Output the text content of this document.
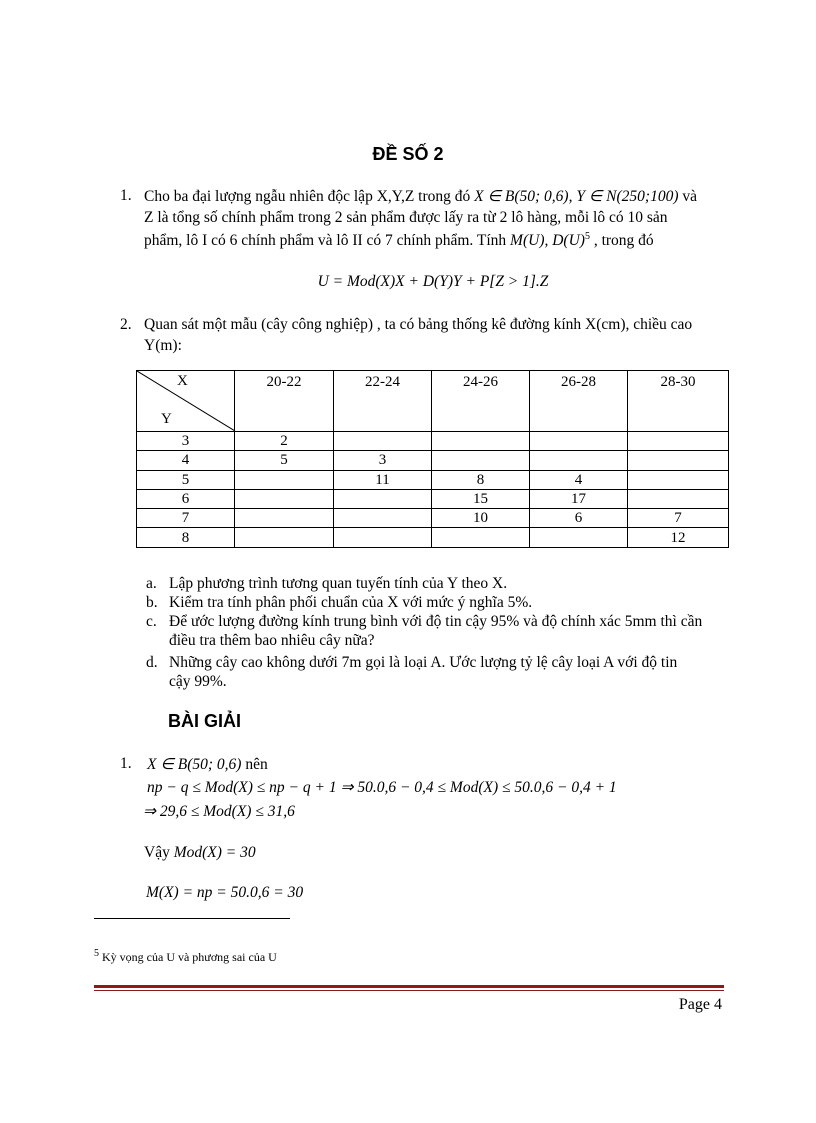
ĐỀ SỐ 2
1. Cho ba đại lượng ngẫu nhiên độc lập X,Y,Z trong đó X ∈ B(50; 0,6), Y ∈ N(250;100) và
Z là tổng số chính phẩm trong 2 sản phẩm được lấy ra từ 2 lô hàng, mỗi lô có 10 sản
phẩm, lô I có 6 chính phẩm và lô II có 7 chính phẩm. Tính M(U), $D(U)^5$ , trong đó
U = Mod(X)X + D(Y)Y + P[Z > 1].Z
2. Quan sát một mẫu (cây công nghiệp) , ta có bảng thống kê đường kính X(cm), chiều cao
Y(m):
X
Y	20-22	22-24	24-26	26-28	28-30
3	2				
4	5	3			
5		11	8	4	
6			15	17	
7			10	6	7
8					12
a. Lập phương trình tương quan tuyến tính của Y theo X.
b. Kiểm tra tính phân phối chuẩn của X với mức ý nghĩa 5%.
c. Để ước lượng đường kính trung bình với độ tin cậy 95% và độ chính xác 5mm thì cần
điều tra thêm bao nhiêu cây nữa?
d. Những cây cao không dưới 7m gọi là loại A. Ước lượng tỷ lệ cây loại A với độ tin
cậy 99%.
BÀI GIẢI
1. X ∈ B(50; 0,6) nên
np − q ≤ Mod(X) ≤ np − q + 1 ⇒ 50.0,6 − 0,4 ≤ Mod(X) ≤ 50.0,6 − 0,4 + 1
⇒ 29,6 ≤ Mod(X) ≤ 31,6
Vậy Mod(X) = 30
M(X) = np = 50.0,6 = 30
$^5$ Kỳ vọng của U và phương sai của U
Page 4
